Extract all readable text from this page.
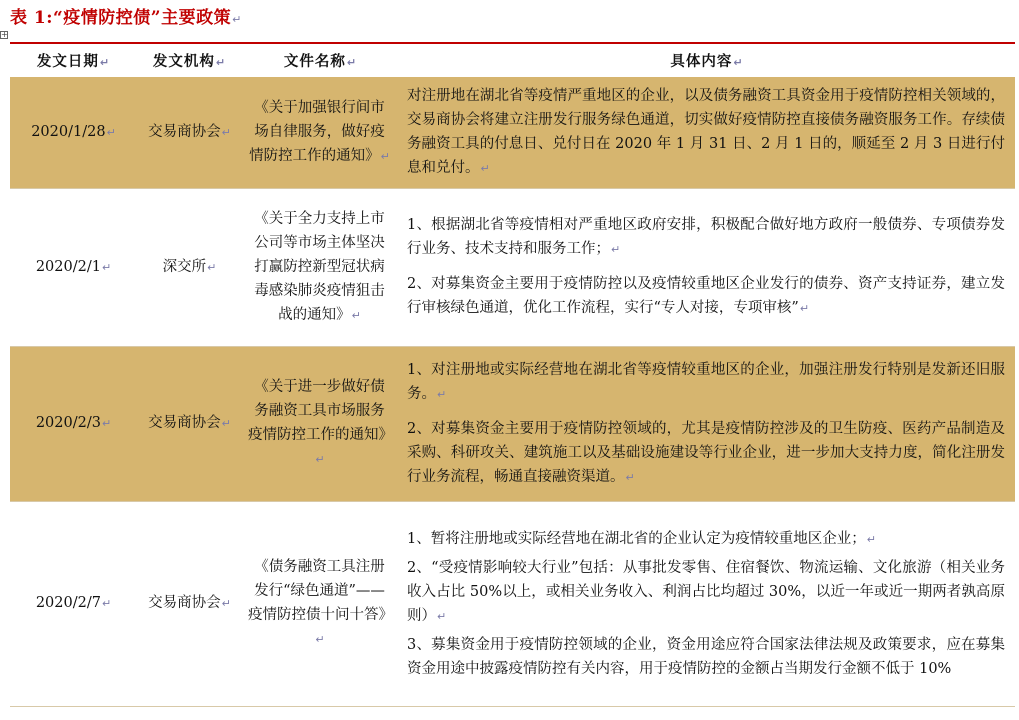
表 1:“疫情防控债”主要政策↵
+
发文日期↵	发文机构↵	文件名称↵	具体内容↵
2020/1/28↵	交易商协会↵	《关于加强银行间市场自律服务，做好疫情防控工作的通知》↵	对注册地在湖北省等疫情严重地区的企业，以及债务融资工具资金用于疫情防控相关领域的，交易商协会将建立注册发行服务绿色通道，切实做好疫情防控直接债务融资服务工作。存续债务融资工具的付息日、兑付日在 2020 年 1 月 31 日、2 月 1 日的，顺延至 2 月 3 日进行付息和兑付。↵

2020/2/1↵	深交所↵	《关于全力支持上市公司等市场主体坚决打赢防控新型冠状病毒感染肺炎疫情狙击战的通知》↵	1、根据湖北省等疫情相对严重地区政府安排，积极配合做好地方政府一般债券、专项债券发行业务、技术支持和服务工作；↵

2、对募集资金主要用于疫情防控以及疫情较重地区企业发行的债券、资产支持证券，建立发行审核绿色通道，优化工作流程，实行“专人对接，专项审核”↵

2020/2/3↵	交易商协会↵	《关于进一步做好债务融资工具市场服务疫情防控工作的通知》↵	1、对注册地或实际经营地在湖北省等疫情较重地区的企业，加强注册发行特别是发新还旧服务。↵

2、对募集资金主要用于疫情防控领域的，尤其是疫情防控涉及的卫生防疫、医药产品制造及采购、科研攻关、建筑施工以及基础设施建设等行业企业，进一步加大支持力度，简化注册发行业务流程，畅通直接融资渠道。↵

2020/2/7↵	交易商协会↵	《债务融资工具注册发行“绿色通道”——疫情防控债十问十答》↵	1、暂将注册地或实际经营地在湖北省的企业认定为疫情较重地区企业；↵

2、“受疫情影响较大行业”包括：从事批发零售、住宿餐饮、物流运输、文化旅游（相关业务收入占比 50%以上，或相关业务收入、利润占比均超过 30%，以近一年或近一期两者孰高原则）↵

3、募集资金用于疫情防控领域的企业，资金用途应符合国家法律法规及政策要求，应在募集资金用途中披露疫情防控有关内容，用于疫情防控的金额占当期发行金额不低于 10%
